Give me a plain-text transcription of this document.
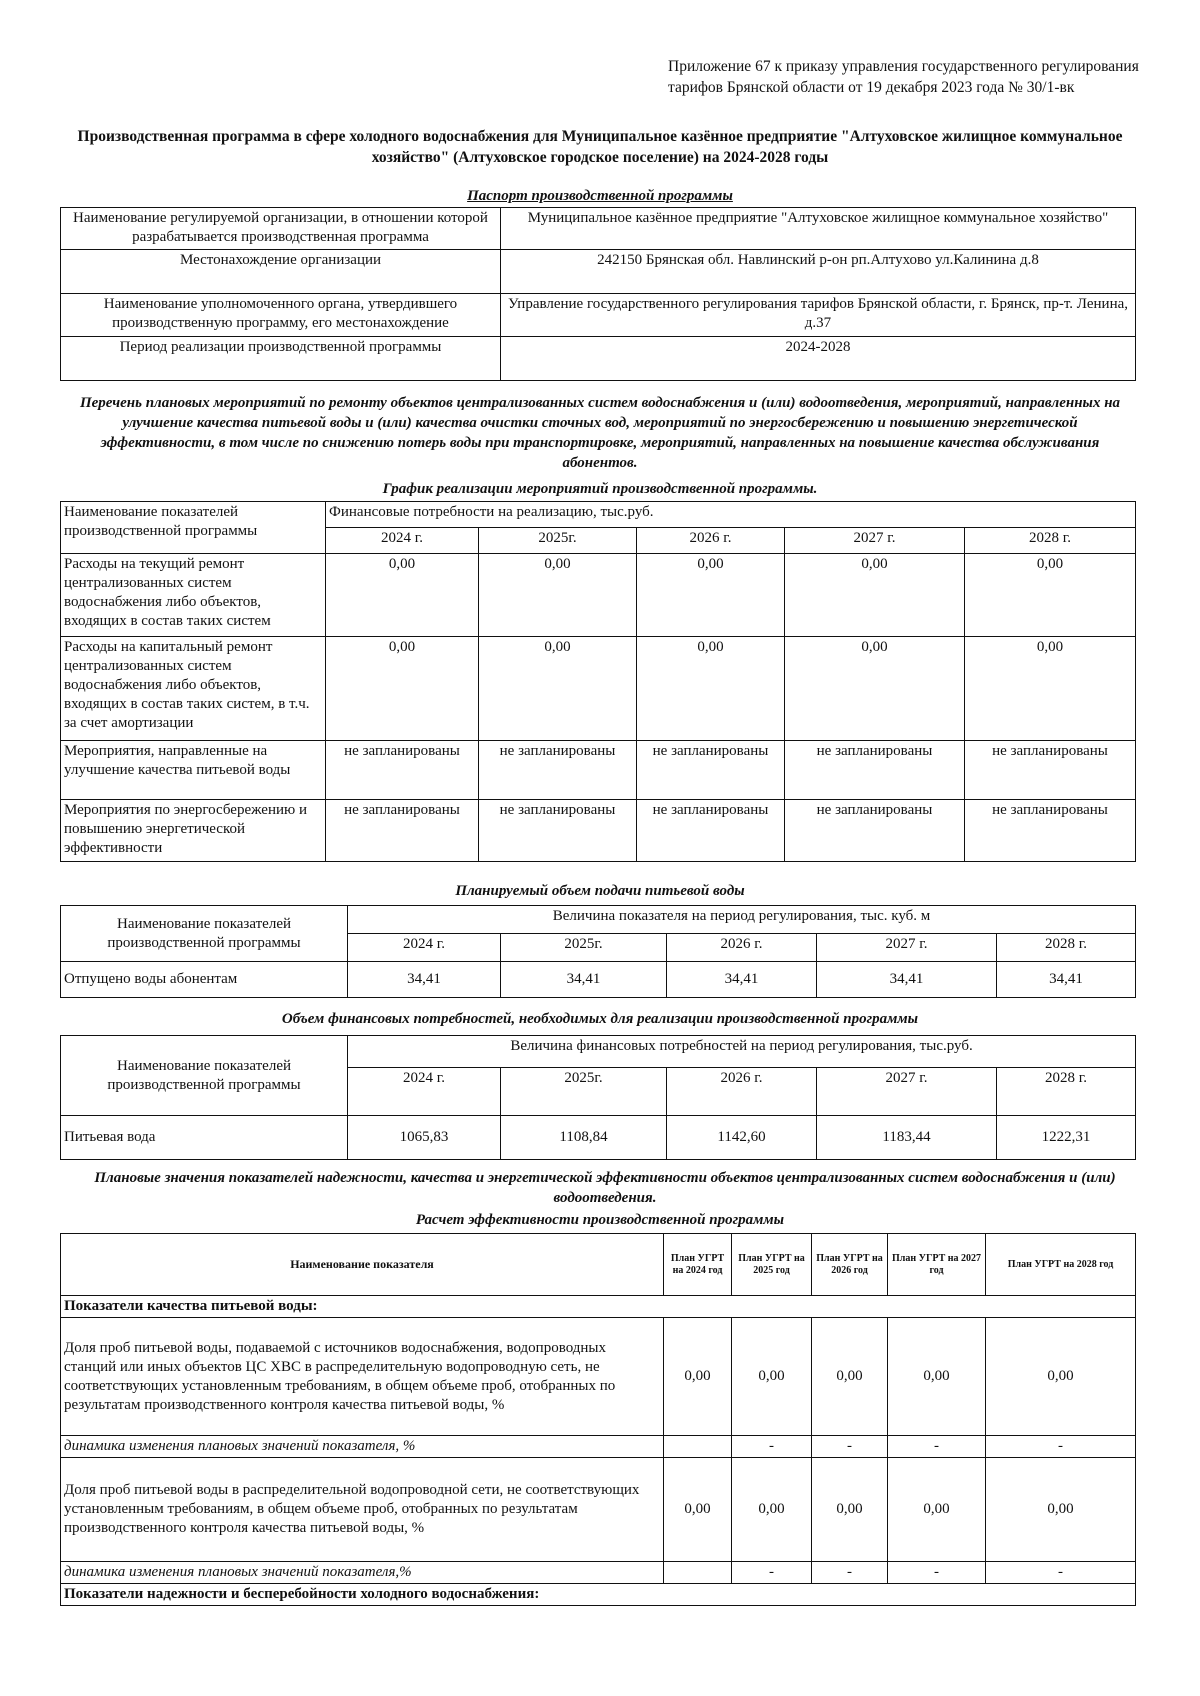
Приложение 67 к приказу управления государственного регулирования тарифов Брянской области от 19 декабря 2023 года № 30/1-вк
Производственная программа в сфере холодного водоснабжения для Муниципальное казённое предприятие "Алтуховское жилищное коммунальное хозяйство" (Алтуховское городское поселение) на 2024-2028 годы
Паспорт производственной программы
Наименование регулируемой организации, в отношении которой разрабатывается производственная программа	Муниципальное казённое предприятие "Алтуховское жилищное коммунальное хозяйство"
Местонахождение организации	242150 Брянская обл. Навлинский р-он рп.Алтухово ул.Калинина д.8
Наименование уполномоченного органа, утвердившего производственную программу, его местонахождение	Управление государственного регулирования тарифов Брянской области, г. Брянск, пр-т. Ленина, д.37
Период реализации производственной программы	2024-2028
Перечень плановых мероприятий по ремонту объектов централизованных систем водоснабжения и (или) водоотведения, мероприятий, направленных на улучшение качества питьевой воды и (или) качества очистки сточных вод, мероприятий по энергосбережению и повышению энергетической эффективности, в том числе по снижению потерь воды при транспортировке, мероприятий, направленных на повышение качества обслуживания абонентов.
График реализации мероприятий производственной программы.
Наименование показателей производственной программы	Финансовые потребности на реализацию, тыс.руб.				
	2024 г.	2025г.	2026 г.	2027 г.	2028 г.
Расходы на текущий ремонт централизованных систем водоснабжения либо объектов, входящих в состав таких систем	0,00	0,00	0,00	0,00	0,00
Расходы на капитальный ремонт централизованных систем водоснабжения либо объектов, входящих в состав таких систем, в т.ч. за счет амортизации	0,00	0,00	0,00	0,00	0,00
Мероприятия, направленные на улучшение качества питьевой воды	не запланированы	не запланированы	не запланированы	не запланированы	не запланированы
Мероприятия по энергосбережению и повышению энергетической эффективности	не запланированы	не запланированы	не запланированы	не запланированы	не запланированы
Планируемый объем подачи питьевой воды
Наименование показателей производственной программы	Величина показателя на период регулирования, тыс. куб. м				
	2024 г.	2025г.	2026 г.	2027 г.	2028 г.
Отпущено воды абонентам	34,41	34,41	34,41	34,41	34,41
Объем финансовых потребностей, необходимых для реализации производственной программы
Наименование показателей производственной программы	Величина финансовых потребностей на период регулирования, тыс.руб.				
	2024 г.	2025г.	2026 г.	2027 г.	2028 г.
Питьевая вода	1065,83	1108,84	1142,60	1183,44	1222,31
Плановые значения показателей надежности, качества и энергетической эффективности объектов централизованных систем водоснабжения и (или) водоотведения.
Расчет эффективности производственной программы
Наименование показателя	План УГРТ на 2024 год	План УГРТ на 2025 год	План УГРТ на 2026 год	План УГРТ на 2027 год	План УГРТ на 2028 год
Показатели качества питьевой воды:					
Доля проб питьевой воды, подаваемой с источников водоснабжения, водопроводных станций или иных объектов ЦС ХВС в распределительную водопроводную сеть, не соответствующих установленным требованиям, в общем объеме проб, отобранных по результатам производственного контроля качества питьевой воды, %	0,00	0,00	0,00	0,00	0,00
динамика изменения плановых значений показателя, %		-	-	-	-
Доля проб питьевой воды в распределительной водопроводной сети, не соответствующих установленным требованиям, в общем объеме проб, отобранных по результатам производственного контроля качества питьевой воды, %	0,00	0,00	0,00	0,00	0,00
динамика изменения плановых значений показателя,%		-	-	-	-
Показатели надежности и бесперебойности холодного водоснабжения:					
